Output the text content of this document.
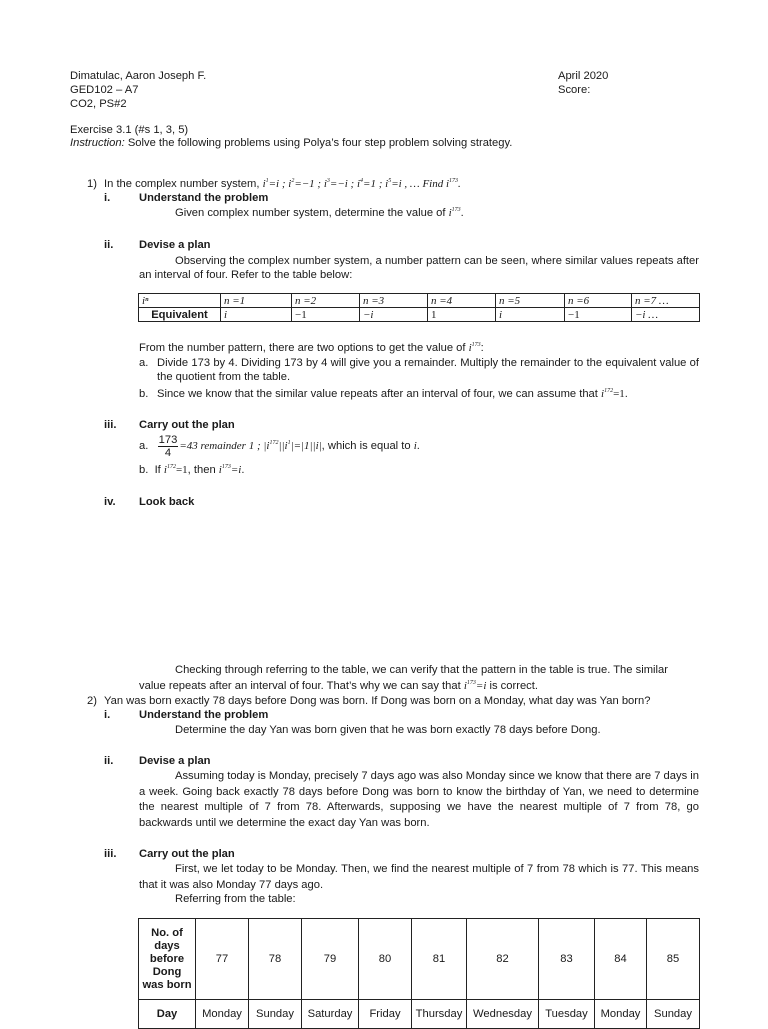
Dimatulac, Aaron Joseph F.
GED102 – A7
CO2, PS#2
April 2020
Score:
Exercise 3.1 (#s 1, 3, 5)
Instruction: Solve the following problems using Polya’s four step problem solving strategy.
1) In the complex number system, $i^1=i$ ; $i^2=-1$ ; $i^3=-i$ ; $i^4=1$ ; $i^5=i$ , … Find $i^{173}$.
i.	Understand the problem
Given complex number system, determine the value of $i^{173}$.
ii. Devise a plan
Observing the complex number system, a number pattern can be seen, where similar values repeats after an interval of four. Refer to the table below:
iⁿ	n =1	n =2	n =3	n =4	n =5	n =6	n =7 …
Equivalent	i	−1	−i	1	i	−1	−i …
From the number pattern, there are two options to get the value of $i^{173}$:
a. Divide 173 by 4. Dividing 173 by 4 will give you a remainder. Multiply the remainder to the equivalent value of the quotient from the table.
b. Since we know that the similar value repeats after an interval of four, we can assume that $i^{172}=1$.
iii. Carry out the plan
a. $\frac{173}{4} =43$ remainder 1 ; $|i^{172}||i^1|=|1||i|$, which is equal to i.
b. If $i^{172}=1$, then $i^{173}=i$.
iv. Look back
Checking through referring to the table, we can verify that the pattern in the table is true. The similar
value repeats after an interval of four. That’s why we can say that $i^{173}=i$ is correct.
2) Yan was born exactly 78 days before Dong was born. If Dong was born on a Monday, what day was Yan born?
i.	Understand the problem
Determine the day Yan was born given that he was born exactly 78 days before Dong.
ii. Devise a plan
Assuming today is Monday, precisely 7 days ago was also Monday since we know that there are 7 days in a week. Going back exactly 78 days before Dong was born to know the birthday of Yan, we need to determine the nearest multiple of 7 from 78. Afterwards, supposing we have the nearest multiple of 7 from 78, go backwards until we determine the exact day Yan was born.
iii. Carry out the plan
First, we let today to be Monday. Then, we find the nearest multiple of 7 from 78 which is 77. This means that it was also Monday 77 days ago.
Referring from the table:
No. of days before Dong was born	77	78	79	80	81	82	83	84	85
Day	Monday	Sunday	Saturday	Friday	Thursday	Wednesday	Tuesday	Monday	Sunday
